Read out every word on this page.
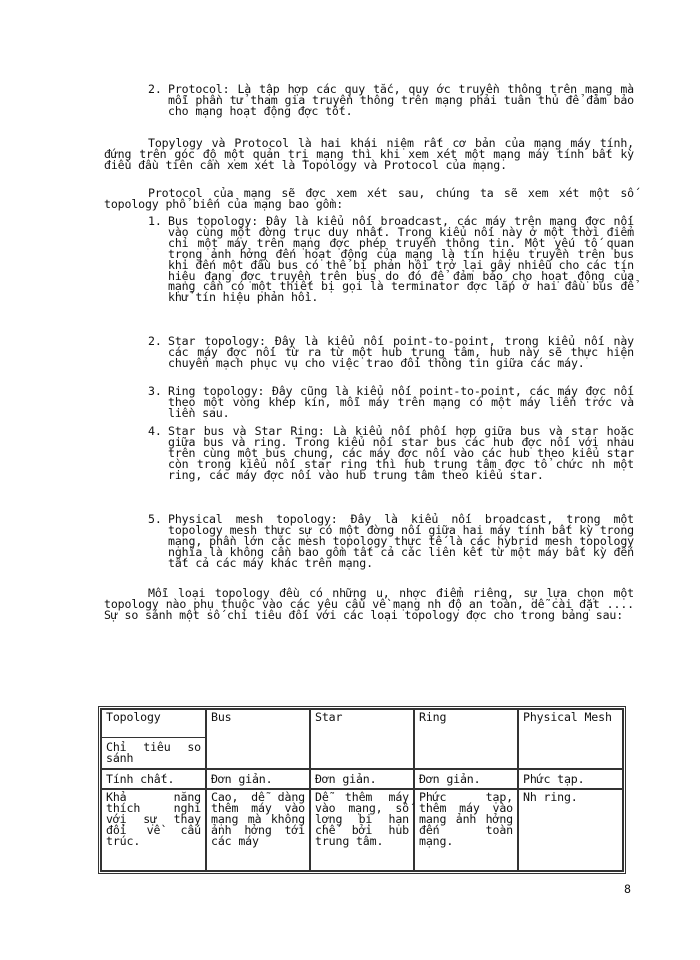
2. Protocol: Là tập hợp các quy tắc, quy ớc truyền thông trên mạng mà mỗi phần tử tham gia truyền thông trên mạng phải tuân thủ để đảm bảo cho mạng hoạt động đợc tốt.
Topylogy và Protocol là hai khái niệm rất cơ bản của mạng máy tính, đứng trên góc độ một quản trị mạng thì khi xem xét một mạng máy tính bất kỳ điều đầu tiên cần xem xét là Topology và Protocol của mạng.
Protocol của mạng sẽ đợc xem xét sau, chúng ta sẽ xem xét một số topology phổ biến của mạng bao gồm:
1. Bus topology: Đây là kiểu nối broadcast, các máy trên mạng đợc nối vào cùng một đờng trục duy nhất. Trong kiểu nối này ở một thời điểm chỉ một máy trên mạng đợc phép truyền thông tin. Một yếu tố quan trọng ảnh hởng đến hoạt động của mạng là tín hiệu truyền trên bus khi đến một đầu bus có thể bị phản hồi trở lại gây nhiễu cho các tín hiệu đang đợc truyền trên bus do đó để đảm bảo cho hoạt động của mạng cần có một thiết bị gọi là terminator đợc lắp ở hai đầu bus để khử tín hiệu phản hồi.
2. Star topology: Đây là kiểu nối point-to-point, trong kiểu nối này các máy đợc nối từ ra từ một hub trung tâm, hub này sẽ thực hiện chuyển mạch phục vụ cho việc trao đổi thông tin giữa các máy.
3. Ring topology: Đây cũng là kiểu nối point-to-point, các máy đợc nối theo một vòng khép kín, mỗi máy trên mạng có một máy liền trớc và liền sau.
4. Star bus và Star Ring: Là kiểu nối phối hợp giữa bus và star hoặc giữa bus và ring. Trong kiểu nối star bus các hub đợc nối với nhau trên cùng một bus chung, các máy đợc nối vào các hub theo kiểu star còn trong kiểu nối star ring thì hub trung tâm đợc tổ chức nh một ring, các máy đợc nối vào hub trung tâm theo kiểu star.
5. Physical mesh topology: Đây là kiểu nối broadcast, trong một topology mesh thực sự có một đờng nối giữa hai máy tính bất kỳ trong mạng, phần lớn các mesh topology thực tế là các hybrid mesh topology nghĩa là không cần bao gồm tất cả các liên kết từ một máy bất kỳ đến tất cả các máy khác trên mạng.
Mỗi loại topology đều có những u, nhợc điểm riêng, sự lựa chọn một topology nào phụ thuộc vào các yêu cầu về mạng nh độ an toàn, dễ cài đặt .... Sự so sánh một số chỉ tiêu đối với các loại topology đợc cho trong bảng sau:
Topology
Chỉ tiêu so sánh	Bus	Star	Ring	Physical Mesh
Tính chất.	Đơn giản.	Đơn giản.	Đơn giản.	Phức tạp.
Khả năng thích nghi với sự thay đổi về cấu trúc.	Cao, dễ dàng thêm máy vào mạng mà không ảnh hởng tới các máy	Dễ thêm máy vào mạng, số lợng bị hạn chế bởi hub trung tâm.	Phức tạp, thêm máy vào mạng ảnh hởng đến toàn mạng.	Nh ring.
8
